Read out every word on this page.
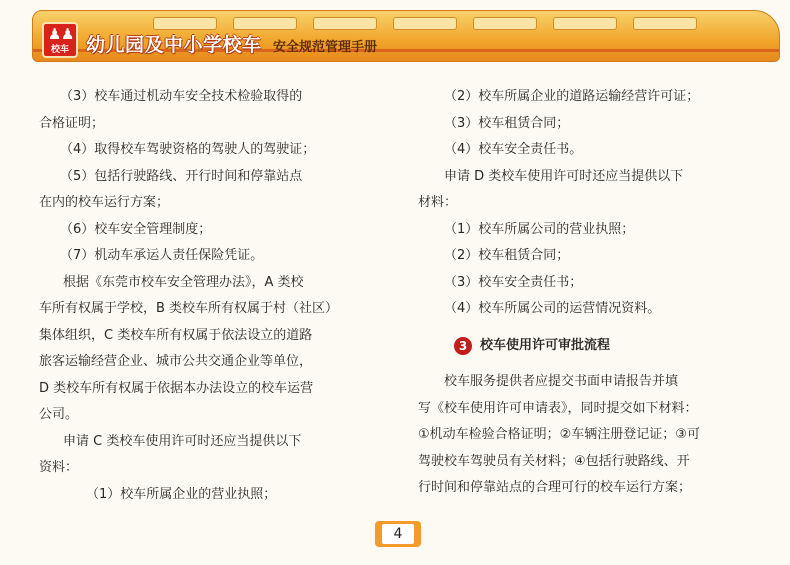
♟ ♟
校车 幼儿园及中小学校车 安全规范管理手册

（3）校车通过机动车安全技术检验取得的

合格证明；

（4）取得校车驾驶资格的驾驶人的驾驶证；

（5）包括行驶路线、开行时间和停靠站点

在内的校车运行方案；

（6）校车安全管理制度；

（7）机动车承运人责任保险凭证。

根据《东莞市校车安全管理办法》，A 类校

车所有权属于学校，B 类校车所有权属于村（社区）

集体组织，C 类校车所有权属于依法设立的道路

旅客运输经营企业、城市公共交通企业等单位，

D 类校车所有权属于依据本办法设立的校车运营

公司。

申请 C 类校车使用许可时还应当提供以下

资料：

（1）校车所属企业的营业执照；

（2）校车所属企业的道路运输经营许可证；

（3）校车租赁合同；

（4）校车安全责任书。

申请 D 类校车使用许可时还应当提供以下

材料：

（1）校车所属公司的营业执照；

（2）校车租赁合同；

（3）校车安全责任书；

（4）校车所属公司的运营情况资料。

3 校车使用许可审批流程

校车服务提供者应提交书面申请报告并填

写《校车使用许可申请表》，同时提交如下材料：

①机动车检验合格证明；②车辆注册登记证；③可

驾驶校车驾驶员有关材料；④包括行驶路线、开

行时间和停靠站点的合理可行的校车运行方案；

4
